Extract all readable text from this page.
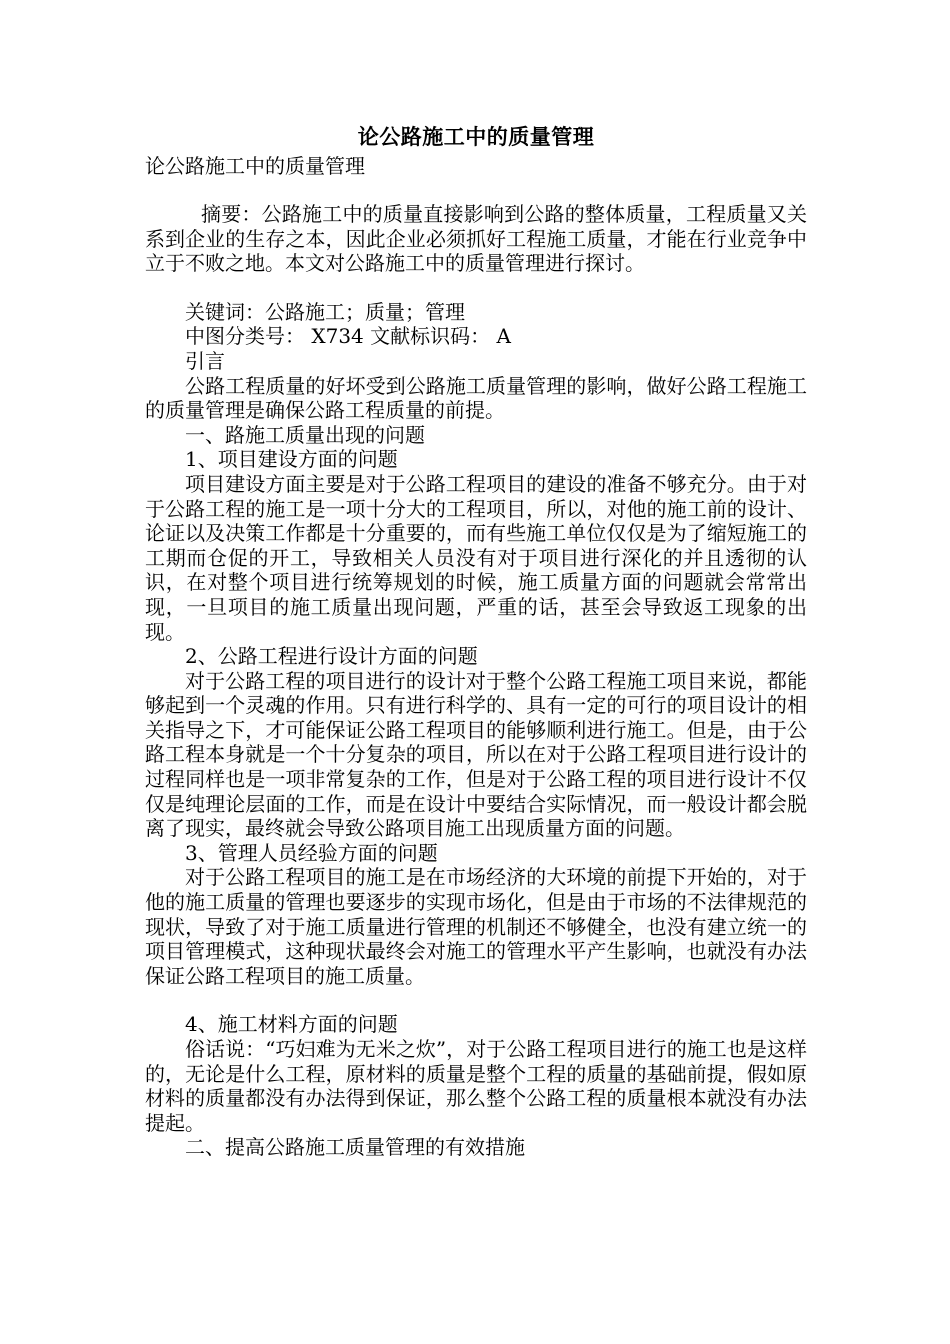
论公路施工中的质量管理

论公路施工中的质量管理

摘要：公路施工中的质量直接影响到公路的整体质量，工程质量又关系到企业的生存之本，因此企业必须抓好工程施工质量，才能在行业竞争中立于不败之地。本文对公路施工中的质量管理进行探讨。

关键词：公路施工；质量；管理

中图分类号： X734 文献标识码： A

引言

公路工程质量的好坏受到公路施工质量管理的影响，做好公路工程施工的质量管理是确保公路工程质量的前提。

一、路施工质量出现的问题

1、项目建设方面的问题

项目建设方面主要是对于公路工程项目的建设的准备不够充分。由于对于公路工程的施工是一项十分大的工程项目，所以，对他的施工前的设计、论证以及决策工作都是十分重要的，而有些施工单位仅仅是为了缩短施工的工期而仓促的开工，导致相关人员没有对于项目进行深化的并且透彻的认识，在对整个项目进行统筹规划的时候，施工质量方面的问题就会常常出现，一旦项目的施工质量出现问题，严重的话，甚至会导致返工现象的出现。

2、公路工程进行设计方面的问题

对于公路工程的项目进行的设计对于整个公路工程施工项目来说，都能够起到一个灵魂的作用。只有进行科学的、具有一定的可行的项目设计的相关指导之下，才可能保证公路工程项目的能够顺利进行施工。但是，由于公路工程本身就是一个十分复杂的项目，所以在对于公路工程项目进行设计的过程同样也是一项非常复杂的工作，但是对于公路工程的项目进行设计不仅仅是纯理论层面的工作，而是在设计中要结合实际情况，而一般设计都会脱离了现实，最终就会导致公路项目施工出现质量方面的问题。

3、管理人员经验方面的问题

对于公路工程项目的施工是在市场经济的大环境的前提下开始的，对于他的施工质量的管理也要逐步的实现市场化，但是由于市场的不法律规范的现状，导致了对于施工质量进行管理的机制还不够健全，也没有建立统一的项目管理模式，这种现状最终会对施工的管理水平产生影响，也就没有办法保证公路工程项目的施工质量。

4、施工材料方面的问题

俗话说：“巧妇难为无米之炊”，对于公路工程项目进行的施工也是这样的，无论是什么工程，原材料的质量是整个工程的质量的基础前提，假如原材料的质量都没有办法得到保证，那么整个公路工程的质量根本就没有办法提起。

二、提高公路施工质量管理的有效措施
